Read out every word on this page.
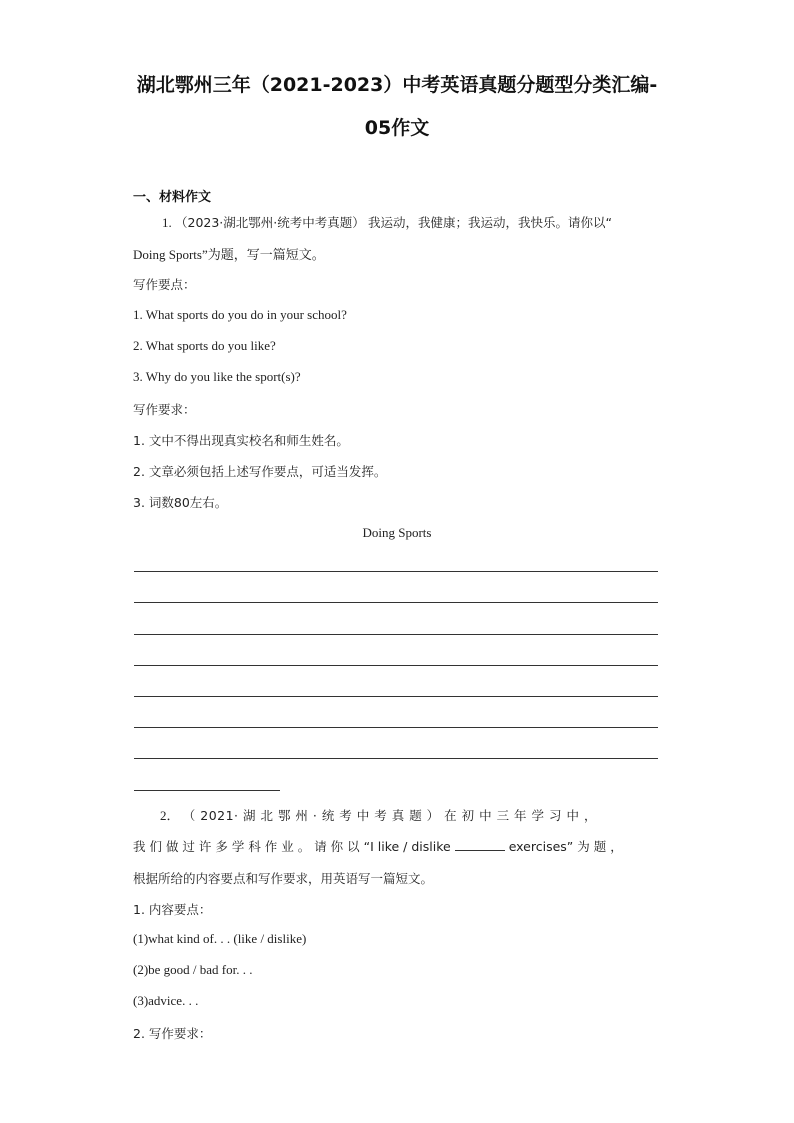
湖北鄂州三年（2021-2023）中考英语真题分题型分类汇编-
05作文
一、材料作文
1. （2023·湖北鄂州·统考中考真题） 我运动，我健康；我运动，我快乐。请你以“
Doing Sports”为题，写一篇短文。
写作要点：
1. What sports do you do in your school?
2. What sports do you like?
3. Why do you like the sport(s)?
写作要求：
1. 文中不得出现真实校名和师生姓名。
2. 文章必须包括上述写作要点，可适当发挥。
3. 词数80左右。
Doing Sports
2． （ 2021· 湖 北 鄂 州 · 统 考 中 考 真 题 ） 在 初 中 三 年 学 习 中 ，
我 们 做 过 许 多 学 科 作 业 。 请 你 以 “I like / dislike	exercises” 为 题 ，
根据所给的内容要点和写作要求，用英语写一篇短文。
1. 内容要点：
(1)what kind of. . . (like / dislike)
(2)be good / bad for. . .
(3)advice. . .
2. 写作要求：
